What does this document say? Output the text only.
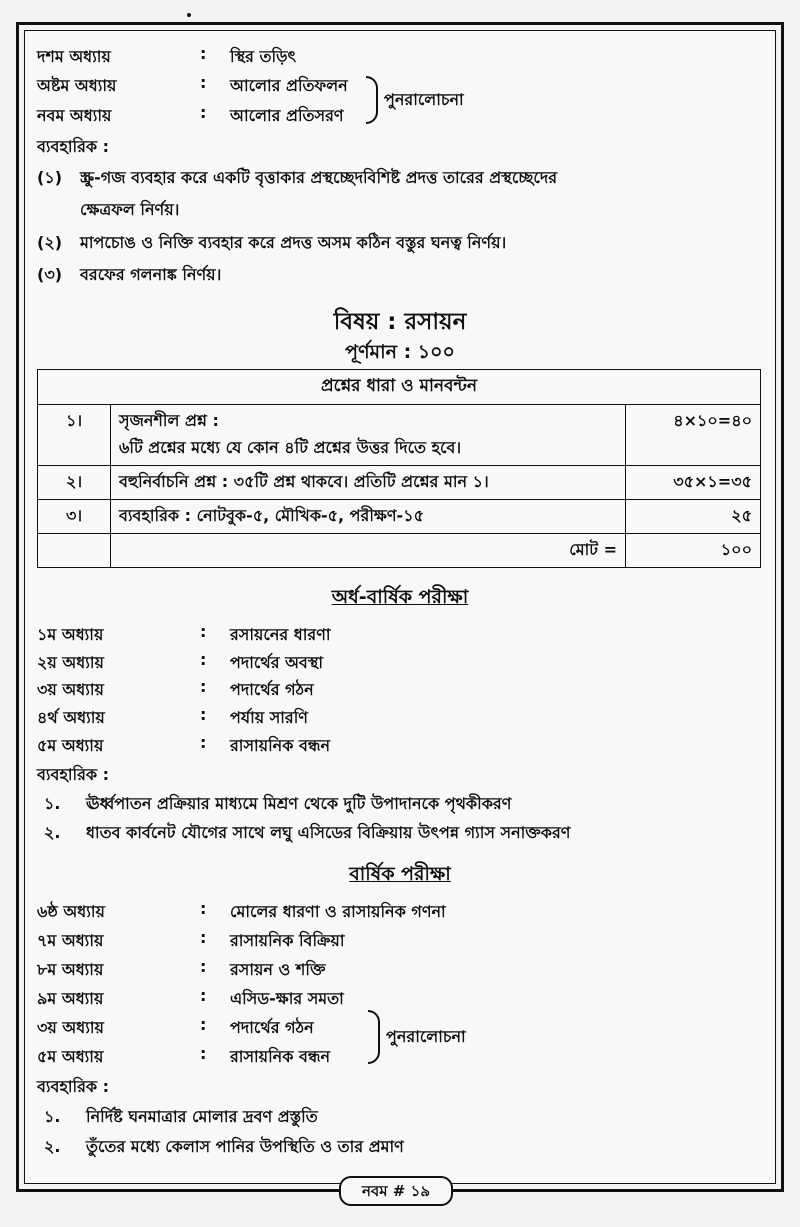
দশম অধ্যায়	: স্থির তড়িৎ
অষ্টম অধ্যায়	: আলোর প্রতিফলন
নবম অধ্যায়	: আলোর প্রতিসরণ
পুনরালোচনা
ব্যবহারিক :
(১) স্ক্রু-গজ ব্যবহার করে একটি বৃত্তাকার প্রস্থচ্ছেদবিশিষ্ট প্রদত্ত তারের প্রস্থচ্ছেদের
ক্ষেত্রফল নির্ণয়।
(২) মাপচোঙ ও নিক্তি ব্যবহার করে প্রদত্ত অসম কঠিন বস্তুর ঘনত্ব নির্ণয়।
(৩) বরফের গলনাঙ্ক নির্ণয়।
বিষয় : রসায়ন
পূর্ণমান : ১০০
প্রশ্নের ধারা ও মানবন্টন		
১।	সৃজনশীল প্রশ্ন :
৬টি প্রশ্নের মধ্যে যে কোন ৪টি প্রশ্নের উত্তর দিতে হবে।	৪×১০=৪০
২।	বহুনির্বাচনি প্রশ্ন : ৩৫টি প্রশ্ন থাকবে। প্রতিটি প্রশ্নের মান ১।	৩৫×১=৩৫
৩।	ব্যবহারিক : নোটবুক-৫, মৌখিক-৫, পরীক্ষণ-১৫	২৫
	মোট =	১০০
অর্ধ-বার্ষিক পরীক্ষা
১ম অধ্যায়	: রসায়নের ধারণা
২য় অধ্যায়	: পদার্থের অবস্থা
৩য় অধ্যায়	: পদার্থের গঠন
৪র্থ অধ্যায়	: পর্যায় সারণি
৫ম অধ্যায়	: রাসায়নিক বন্ধন
ব্যবহারিক :
১. ঊর্ধ্বপাতন প্রক্রিয়ার মাধ্যমে মিশ্রণ থেকে দুটি উপাদানকে পৃথকীকরণ
২. ধাতব কার্বনেট যৌগের সাথে লঘু এসিডের বিক্রিয়ায় উৎপন্ন গ্যাস সনাক্তকরণ
বার্ষিক পরীক্ষা
৬ষ্ঠ অধ্যায়	: মোলের ধারণা ও রাসায়নিক গণনা
৭ম অধ্যায়	: রাসায়নিক বিক্রিয়া
৮ম অধ্যায়	: রসায়ন ও শক্তি
৯ম অধ্যায়	: এসিড-ক্ষার সমতা
৩য় অধ্যায়	: পদার্থের গঠন
৫ম অধ্যায়	: রাসায়নিক বন্ধন
পুনরালোচনা
ব্যবহারিক :
১. নির্দিষ্ট ঘনমাত্রার মোলার দ্রবণ প্রস্তুতি
২. তুঁতের মধ্যে কেলাস পানির উপস্থিতি ও তার প্রমাণ
নবম # ১৯
